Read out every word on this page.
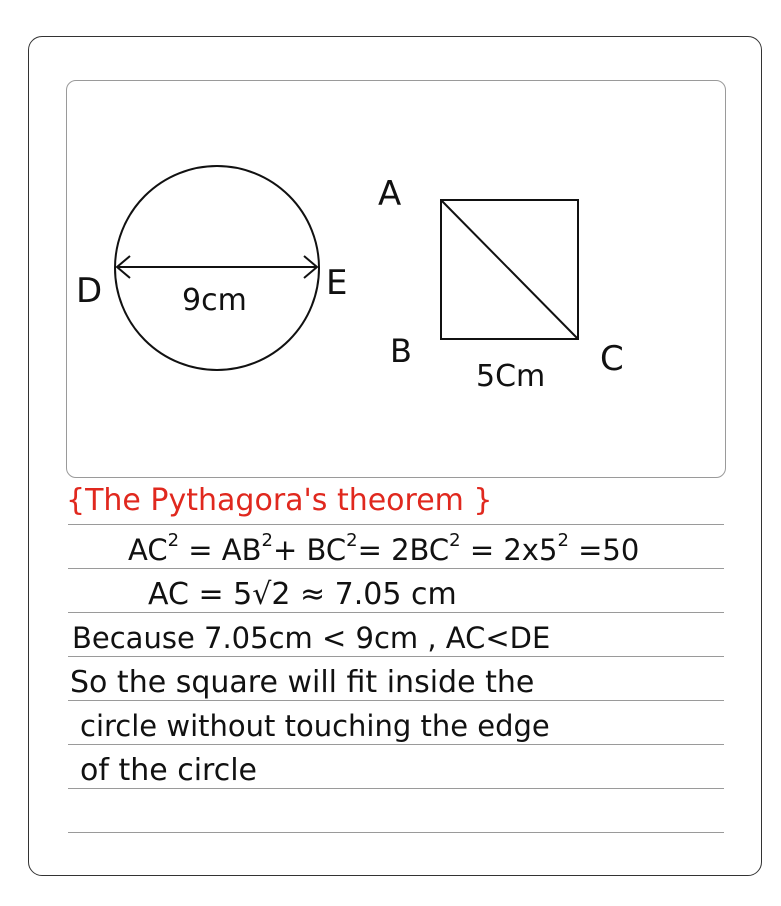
D	E
9cm
A
B	C
5Cm
{The Pythagora's theorem }
$AC^2 = AB^2+ BC^2= 2BC^2 = 2x5^2 =50$
AC = 5√2 ≈ 7.05 cm
Because 7.05cm < 9cm , AC<DE
So the square will fit inside the
circle without touching the edge
of the circle
